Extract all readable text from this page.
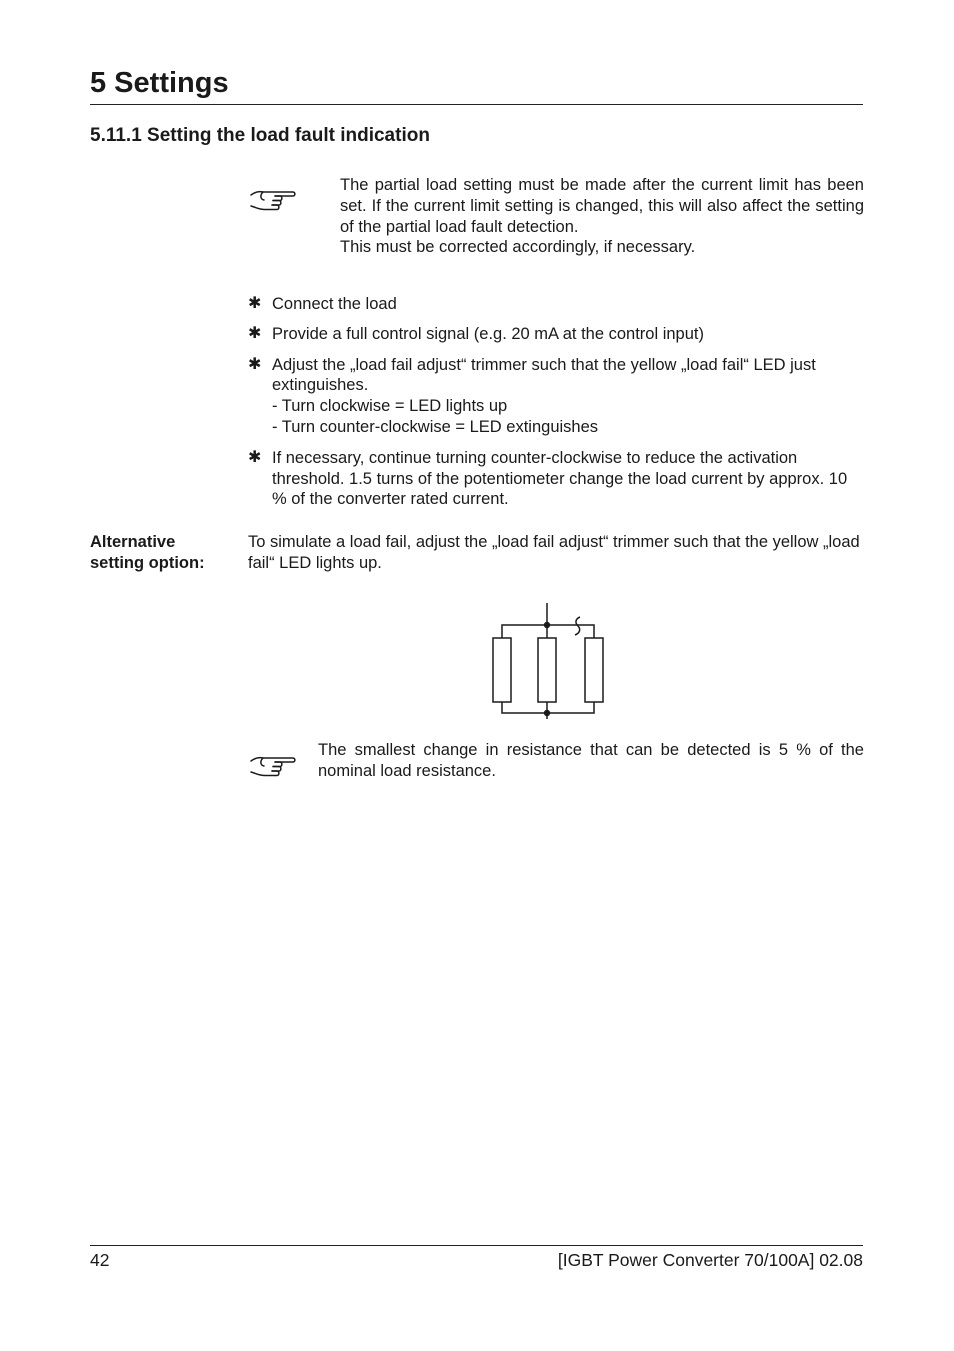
5 Settings
5.11.1 Setting the load fault indication

The partial load setting must be made after the current limit has been set. If the current limit setting is changed, this will also affect the setting of the partial load fault detection.

This must be corrected accordingly, if necessary.

✱ Connect the load
✱ Provide a full control signal (e.g. 20 mA at the control input)
✱ Adjust the „load fail adjust“ trimmer such that the yellow „load fail“ LED just extinguishes.
- Turn clockwise = LED lights up
- Turn counter-clockwise = LED extinguishes
✱ If necessary, continue turning counter-clockwise to reduce the activation threshold. 1.5 turns of the potentiometer change the load current by approx. 10 % of the converter rated current.
Alternative
setting option:
To simulate a load fail, adjust the „load fail adjust“ trimmer such that the yellow „load fail“ LED lights up.
The smallest change in resistance that can be detected is 5 % of the nominal load resistance.
42	[IGBT Power Converter 70/100A] 02.08
